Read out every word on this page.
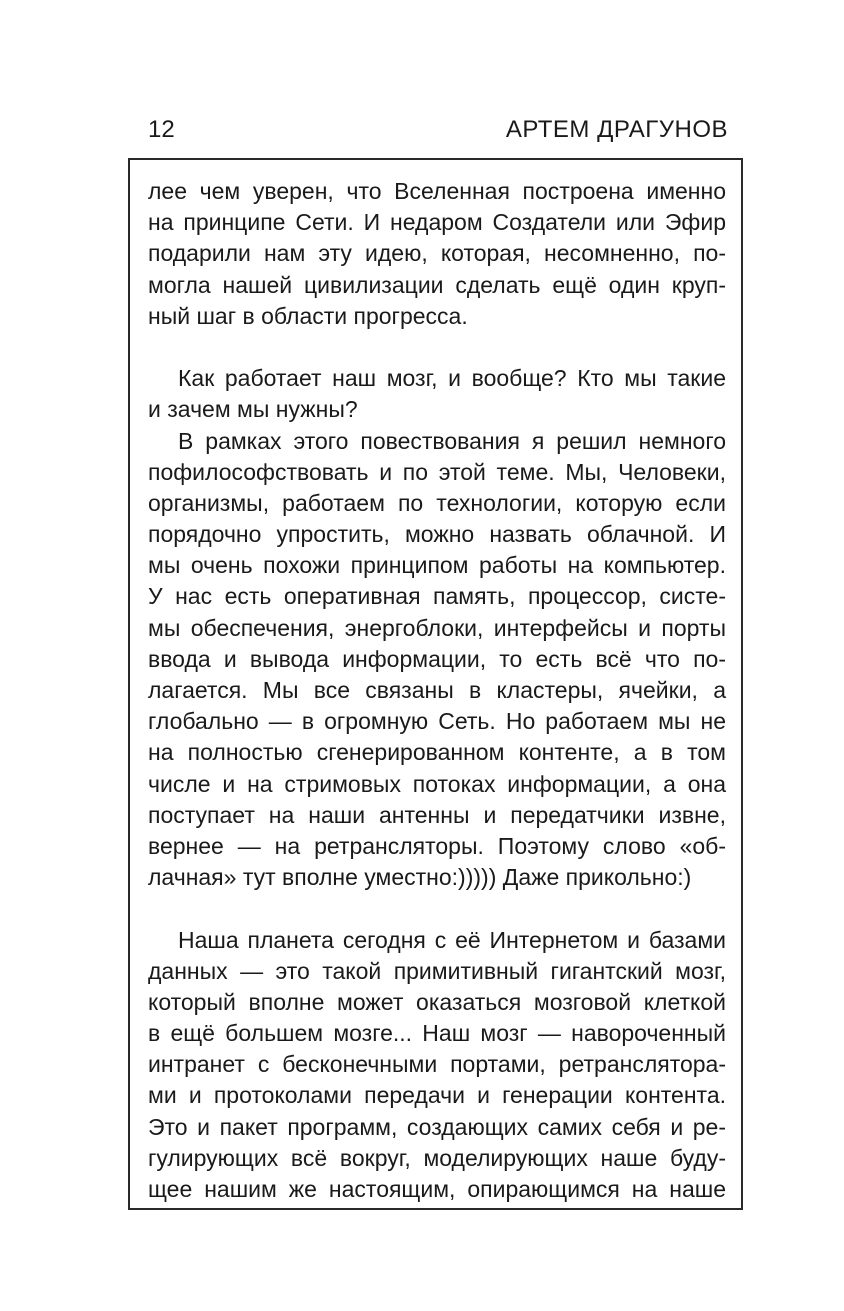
12	АРТЕМ ДРАГУНОВ
лее чем уверен, что Вселенная построена именно
на принципе Сети. И недаром Создатели или Эфир
подарили нам эту идею, которая, несомненно, по-
могла нашей цивилизации сделать ещё один круп-
ный шаг в области прогресса.
Как работает наш мозг, и вообще? Кто мы такие
и зачем мы нужны?
В рамках этого повествования я решил немного
пофилософствовать и по этой теме. Мы, Человеки,
организмы, работаем по технологии, которую если
порядочно упростить, можно назвать облачной. И
мы очень похожи принципом работы на компьютер.
У нас есть оперативная память, процессор, систе-
мы обеспечения, энергоблоки, интерфейсы и порты
ввода и вывода информации, то есть всё что по-
лагается. Мы все связаны в кластеры, ячейки, а
глобально — в огромную Сеть. Но работаем мы не
на полностью сгенерированном контенте, а в том
числе и на стримовых потоках информации, а она
поступает на наши антенны и передатчики извне,
вернее — на ретрансляторы. Поэтому слово «об-
лачная» тут вполне уместно:))))) Даже прикольно:)
Наша планета сегодня с её Интернетом и базами
данных — это такой примитивный гигантский мозг,
который вполне может оказаться мозговой клеткой
в ещё большем мозге... Наш мозг — навороченный
интранет с бесконечными портами, ретранслятора-
ми и протоколами передачи и генерации контента.
Это и пакет программ, создающих самих себя и ре-
гулирующих всё вокруг, моделирующих наше буду-
щее нашим же настоящим, опирающимся на наше
